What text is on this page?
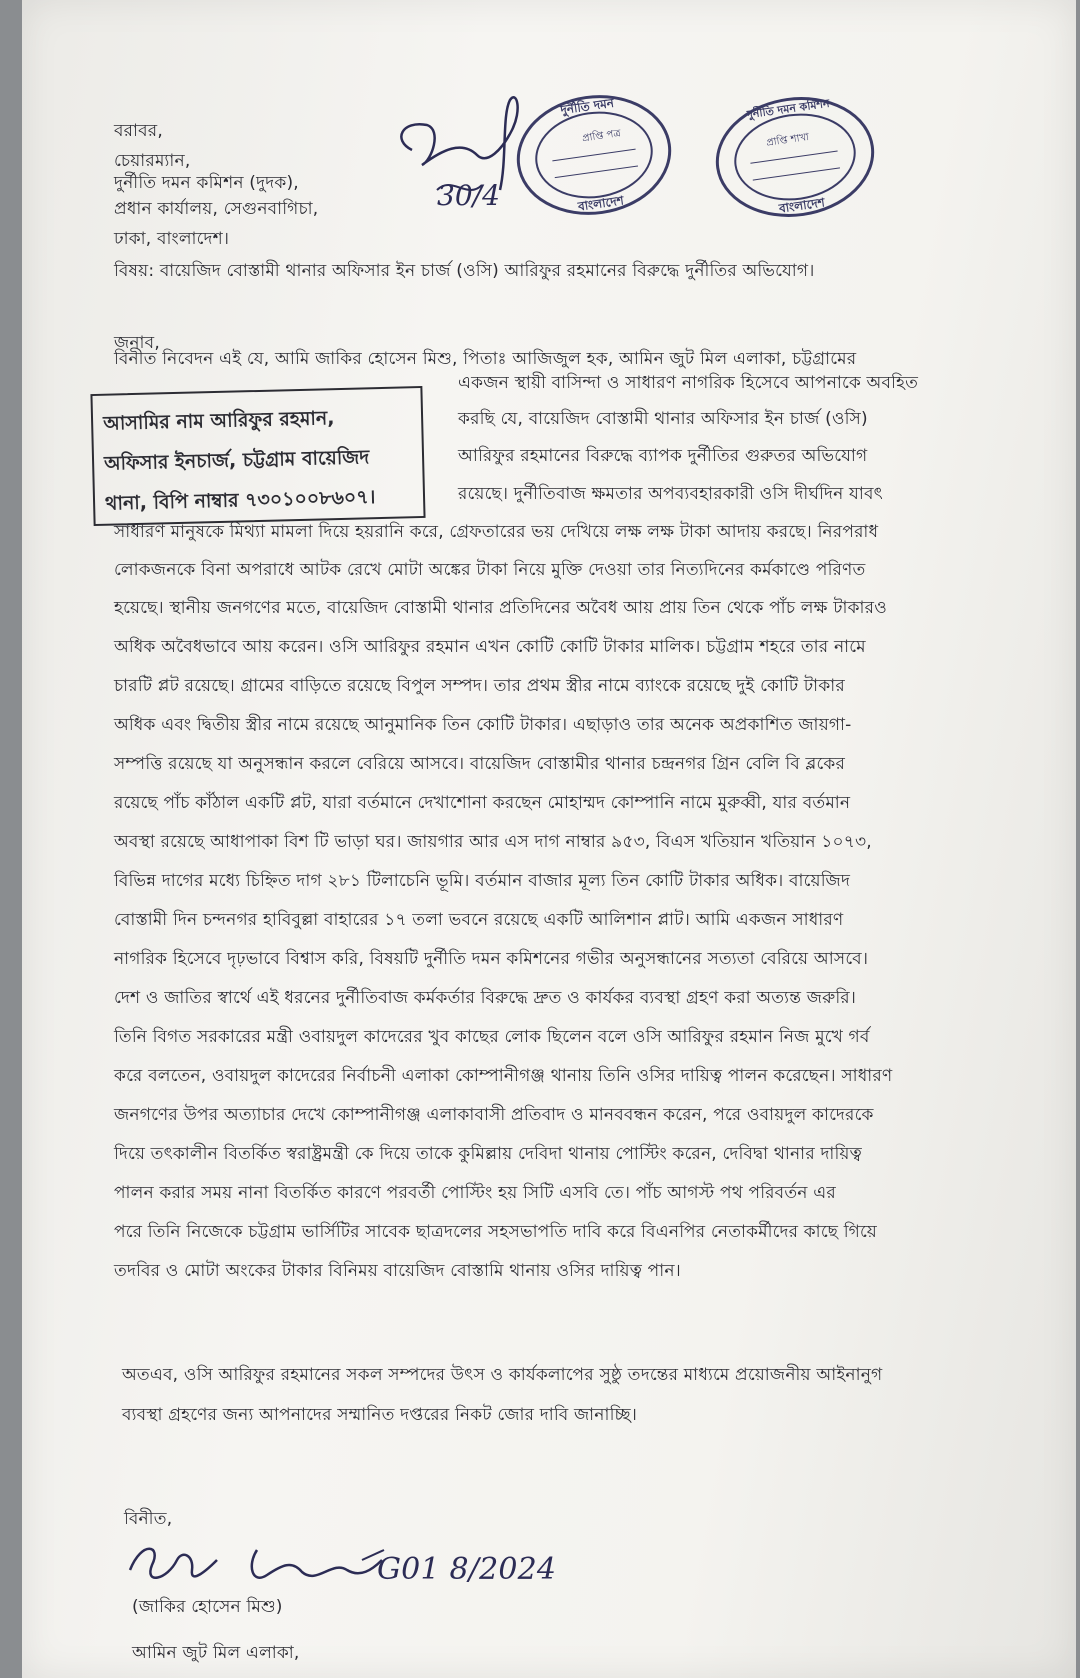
বরাবর,
চেয়ারম্যান,
দুর্নীতি দমন কমিশন (দুদক),
প্রধান কার্যালয়, সেগুনবাগিচা,
ঢাকা, বাংলাদেশ।
30/4
দুর্নীতি দমন
প্রাপ্তি পত্র
বাংলাদেশ
দুর্নীতি দমন কমিশন
প্রাপ্তি শাখা
বাংলাদেশ
বিষয়: বায়েজিদ বোস্তামী থানার অফিসার ইন চার্জ (ওসি) আরিফুর রহমানের বিরুদ্ধে দুর্নীতির অভিযোগ।
জনাব,
বিনীত নিবেদন এই যে, আমি জাকির হোসেন মিশু, পিতাঃ আজিজুল হক, আমিন জুট মিল এলাকা, চট্টগ্রামের
আসামির নাম আরিফুর রহমান,
অফিসার ইনচার্জ, চট্টগ্রাম বায়েজিদ
থানা, বিপি নাম্বার ৭৩০১০০৮৬০৭।
একজন স্থায়ী বাসিন্দা ও সাধারণ নাগরিক হিসেবে আপনাকে অবহিত
করছি যে, বায়েজিদ বোস্তামী থানার অফিসার ইন চার্জ (ওসি)
আরিফুর রহমানের বিরুদ্ধে ব্যাপক দুর্নীতির গুরুতর অভিযোগ
রয়েছে। দুর্নীতিবাজ ক্ষমতার অপব্যবহারকারী ওসি দীর্ঘদিন যাবৎ
সাধারণ মানুষকে মিথ্যা মামলা দিয়ে হয়রানি করে, গ্রেফতারের ভয় দেখিয়ে লক্ষ লক্ষ টাকা আদায় করছে। নিরপরাধ
লোকজনকে বিনা অপরাধে আটক রেখে মোটা অঙ্কের টাকা নিয়ে মুক্তি দেওয়া তার নিত্যদিনের কর্মকাণ্ডে পরিণত
হয়েছে। স্থানীয় জনগণের মতে, বায়েজিদ বোস্তামী থানার প্রতিদিনের অবৈধ আয় প্রায় তিন থেকে পাঁচ লক্ষ টাকারও
অধিক অবৈধভাবে আয় করেন। ওসি আরিফুর রহমান এখন কোটি কোটি টাকার মালিক। চট্টগ্রাম শহরে তার নামে
চারটি প্লট রয়েছে। গ্রামের বাড়িতে রয়েছে বিপুল সম্পদ। তার প্রথম স্ত্রীর নামে ব্যাংকে রয়েছে দুই কোটি টাকার
অধিক এবং দ্বিতীয় স্ত্রীর নামে রয়েছে আনুমানিক তিন কোটি টাকার। এছাড়াও তার অনেক অপ্রকাশিত জায়গা-
সম্পত্তি রয়েছে যা অনুসন্ধান করলে বেরিয়ে আসবে। বায়েজিদ বোস্তামীর থানার চন্দ্রনগর গ্রিন বেলি বি ব্লকের
রয়েছে পাঁচ কাঁঠাল একটি প্লট, যারা বর্তমানে দেখাশোনা করছেন মোহাম্মদ কোম্পানি নামে মুরুব্বী, যার বর্তমান
অবস্থা রয়েছে আধাপাকা বিশ টি ভাড়া ঘর। জায়গার আর এস দাগ নাম্বার ৯৫৩, বিএস খতিয়ান খতিয়ান ১০৭৩,
বিভিন্ন দাগের মধ্যে চিহ্নিত দাগ ২৮১ টিলাচেনি ভূমি। বর্তমান বাজার মূল্য তিন কোটি টাকার অধিক। বায়েজিদ
বোস্তামী দিন চন্দনগর হাবিবুল্লা বাহারের ১৭ তলা ভবনে রয়েছে একটি আলিশান প্লাট। আমি একজন সাধারণ
নাগরিক হিসেবে দৃঢ়ভাবে বিশ্বাস করি, বিষয়টি দুর্নীতি দমন কমিশনের গভীর অনুসন্ধানের সত্যতা বেরিয়ে আসবে।
দেশ ও জাতির স্বার্থে এই ধরনের দুর্নীতিবাজ কর্মকর্তার বিরুদ্ধে দ্রুত ও কার্যকর ব্যবস্থা গ্রহণ করা অত্যন্ত জরুরি।
তিনি বিগত সরকারের মন্ত্রী ওবায়দুল কাদেরের খুব কাছের লোক ছিলেন বলে ওসি আরিফুর রহমান নিজ মুখে গর্ব
করে বলতেন, ওবায়দুল কাদেরের নির্বাচনী এলাকা কোম্পানীগঞ্জ থানায় তিনি ওসির দায়িত্ব পালন করেছেন। সাধারণ
জনগণের উপর অত্যাচার দেখে কোম্পানীগঞ্জ এলাকাবাসী প্রতিবাদ ও মানববন্ধন করেন, পরে ওবায়দুল কাদেরকে
দিয়ে তৎকালীন বিতর্কিত স্বরাষ্ট্রমন্ত্রী কে দিয়ে তাকে কুমিল্লায় দেবিদা থানায় পোস্টিং করেন, দেবিদ্বা থানার দায়িত্ব
পালন করার সময় নানা বিতর্কিত কারণে পরবর্তী পোস্টিং হয় সিটি এসবি তে। পাঁচ আগস্ট পথ পরিবর্তন এর
পরে তিনি নিজেকে চট্টগ্রাম ভার্সিটির সাবেক ছাত্রদলের সহসভাপতি দাবি করে বিএনপির নেতাকর্মীদের কাছে গিয়ে
তদবির ও মোটা অংকের টাকার বিনিময় বায়েজিদ বোস্তামি থানায় ওসির দায়িত্ব পান।
অতএব, ওসি আরিফুর রহমানের সকল সম্পদের উৎস ও কার্যকলাপের সুষ্ঠু তদন্তের মাধ্যমে প্রয়োজনীয় আইনানুগ
ব্যবস্থা গ্রহণের জন্য আপনাদের সম্মানিত দপ্তরের নিকট জোর দাবি জানাচ্ছি।
বিনীত,
G01 8/2024
(জাকির হোসেন মিশু)
আমিন জুট মিল এলাকা,
